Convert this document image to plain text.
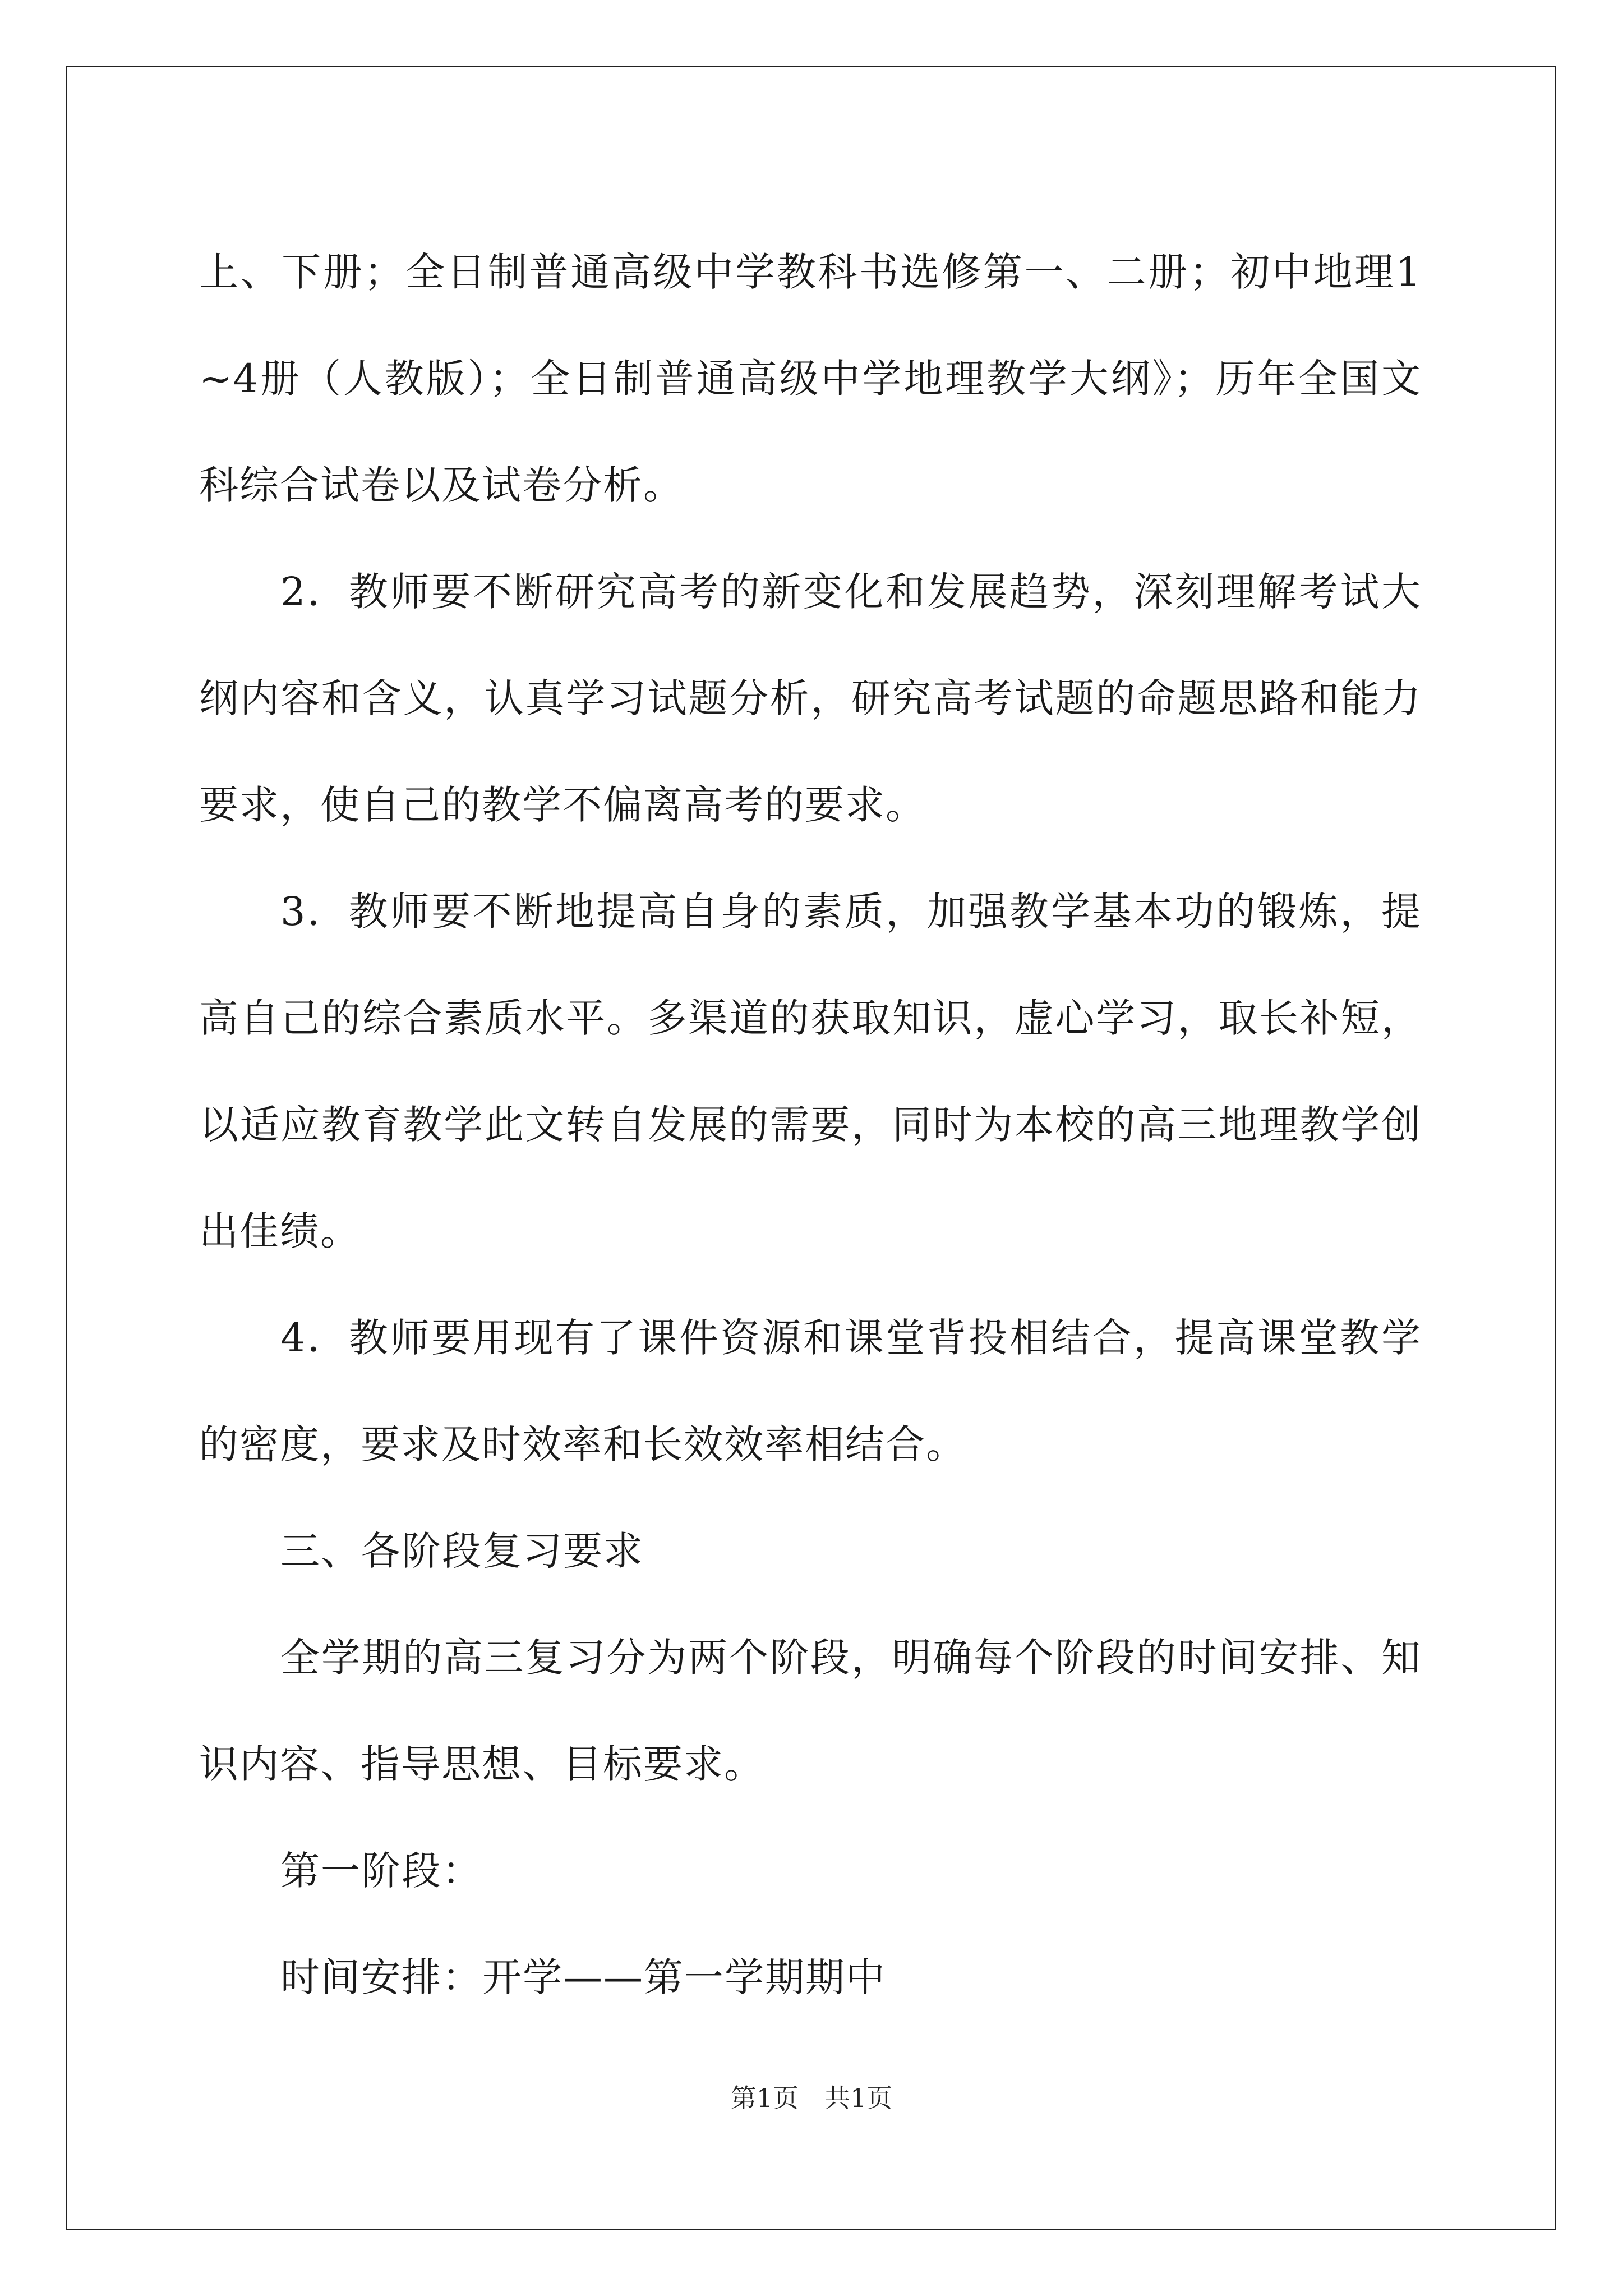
上、下册；全日制普通高级中学教科书选修第一、二册；初中地理1~4册（人教版）；全日制普通高级中学地理教学大纲》；历年全国文科综合试卷以及试卷分析。

2．教师要不断研究高考的新变化和发展趋势，深刻理解考试大纲内容和含义，认真学习试题分析，研究高考试题的命题思路和能力要求，使自己的教学不偏离高考的要求。

3．教师要不断地提高自身的素质，加强教学基本功的锻炼，提高自己的综合素质水平。多渠道的获取知识，虚心学习，取长补短，以适应教育教学此文转自发展的需要，同时为本校的高三地理教学创出佳绩。

4．教师要用现有了课件资源和课堂背投相结合，提高课堂教学的密度，要求及时效率和长效效率相结合。

三、各阶段复习要求

全学期的高三复习分为两个阶段，明确每个阶段的时间安排、知识内容、指导思想、目标要求。

第一阶段：

时间安排：开学——第一学期期中

第1页 共1页
